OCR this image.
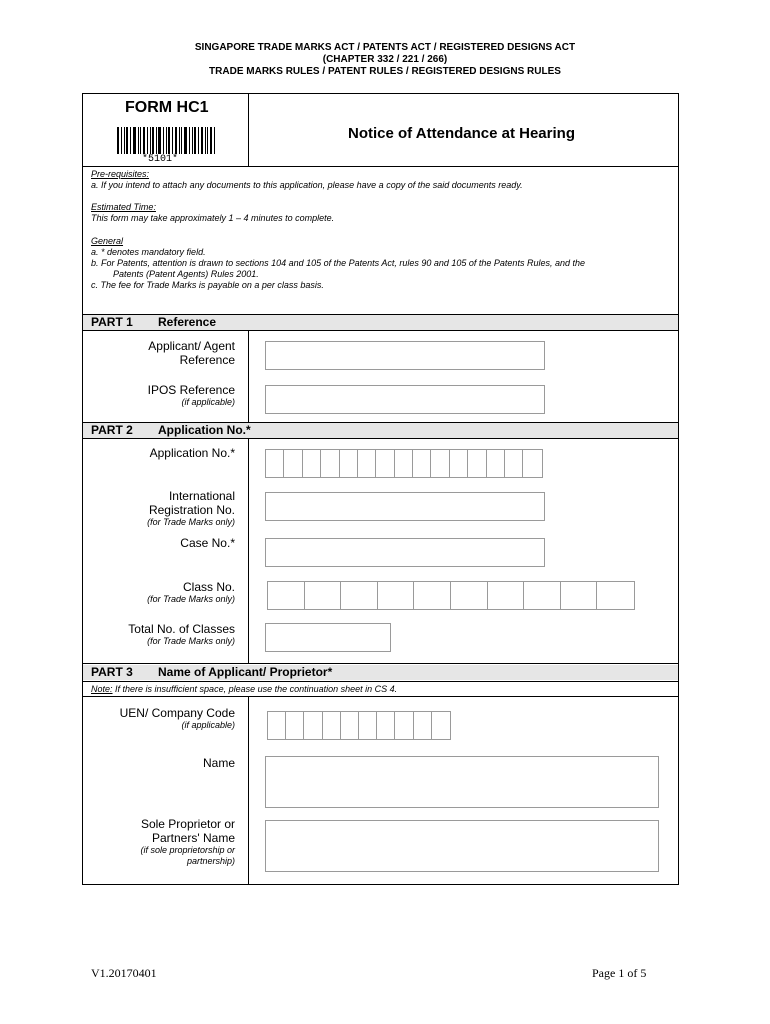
SINGAPORE TRADE MARKS ACT / PATENTS ACT / REGISTERED DESIGNS ACT
(CHAPTER 332 / 221 / 266)
TRADE MARKS RULES / PATENT RULES / REGISTERED DESIGNS RULES
FORM HC1
*5101*
Notice of Attendance at Hearing
Pre-requisites:
a. If you intend to attach any documents to this application, please have a copy of the said documents ready.
Estimated Time:
This form may take approximately 1 – 4 minutes to complete.
General
a. * denotes mandatory field.
b. For Patents, attention is drawn to sections 104 and 105 of the Patents Act, rules 90 and 105 of the Patents Rules, and the
Patents (Patent Agents) Rules 2001.
c. The fee for Trade Marks is payable on a per class basis.
PART 1 Reference
Applicant/ Agent
Reference
IPOS Reference
(if applicable)
PART 2 Application No.*
Application No.*
International
Registration No.
(for Trade Marks only)
Case No.*
Class No.
(for Trade Marks only)
Total No. of Classes
(for Trade Marks only)
PART 3 Name of Applicant/ Proprietor*
Note: If there is insufficient space, please use the continuation sheet in CS 4.
UEN/ Company Code
(if applicable)
Name
Sole Proprietor or
Partners' Name
(if sole proprietorship or
partnership)
V1.20170401	Page 1 of 5
